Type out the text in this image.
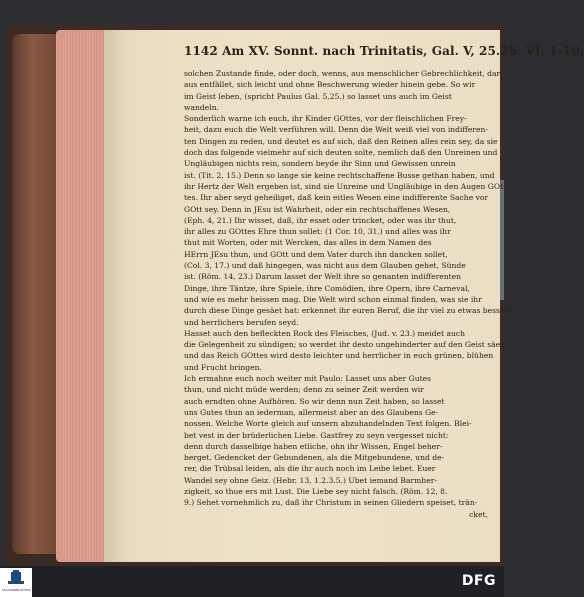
1142 Am XV. Sonnt. nach Trinitatis, Gal. V, 25.26. VI, 1-10.
solchen Zustande finde, oder doch, wenns, aus menschlicher Gebrechlichkeit, dar-
aus entfället, sich leicht und ohne Beschwerung wieder hinein gebe. So wir
im Geist leben, (spricht Paulus Gal. 5,25.) so lasset uns auch im Geist
wandeln.
Sonderlich warne ich euch, ihr Kinder GOttes, vor der fleischlichen Frey-
heit, dazu euch die Welt verführen will. Denn die Welt weiß viel von indifferen-
ten Dingen zu reden, und deutet es auf sich, daß den Reinen alles rein sey, da sie
doch das folgende vielmehr auf sich deuten solte, nemlich daß den Unreinen und
Ungläubigen nichts rein, sondern beyde ihr Sinn und Gewissen unrein
ist. (Tit. 2, 15.) Denn so lange sie keine rechtschaffene Busse gethan haben, und
ihr Hertz der Welt ergeben ist, sind sie Unreine und Ungläubige in den Augen GOt-
tes. Ihr aber seyd geheiliget, daß kein eitles Wesen eine indifferente Sache vor
GOtt sey. Denn in JEsu ist Wahrheit, oder ein rechtschaffenes Wesen,
(Eph. 4, 21.) Ihr wisset, daß, ihr esset oder trincket, oder was ihr thut,
ihr alles zu GOttes Ehre thun sollet: (1 Cor. 10, 31.) und alles was ihr
thut mit Worten, oder mit Wercken, das alles in dem Namen des
HErrn JEsu thun, und GOtt und dem Vater durch ihn dancken sollet,
(Col. 3, 17.) und daß hingegen, was nicht aus dem Glauben gehet, Sünde
ist. (Röm. 14, 23.) Darum lasset der Welt ihre so genanten indifferenten
Dinge, ihre Täntze, ihre Spiele, ihre Comödien, ihre Opern, ihre Carneval,
und wie es mehr heissen mag. Die Welt wird schon einmal finden, was sie ihr
durch diese Dinge gesäet hat: erkennet ihr euren Beruf, die ihr viel zu etwas bessers
und herrlichers berufen seyd.
Hasset auch den befleckten Rock des Fleisches, (Jud. v. 23.) meidet auch
die Gelegenheit zu sündigen; so werdet ihr desto ungehinderter auf den Geist säen,
und das Reich GOttes wird desto leichter und herrlicher in euch grünen, blühen
und Frucht bringen.
Ich ermahne euch noch weiter mit Paulo: Lasset uns aber Gutes
thun, und nicht müde werden; denn zu seiner Zeit werden wir
auch erndten ohne Aufhören. So wir denn nun Zeit haben, so lasset
uns Gutes thun an iederman, allermeist aber an des Glaubens Ge-
nossen. Welche Worte gleich auf unsern abzuhandelnden Text folgen. Blei-
bet vest in der brüderlichen Liebe. Gastfrey zu seyn vergesset nicht:
denn durch dasselbige haben etliche, ohn ihr Wissen, Engel beher-
berget. Gedencket der Gebundenen, als die Mitgebundene, und de-
rer, die Trübsal leiden, als die ihr auch noch im Leibe lebet. Euer
Wandel sey ohne Geiz. (Hebr. 13, 1.2.3.5.) Ubet iemand Barmher-
zigkeit, so thue ers mit Lust. Die Liebe sey nicht falsch. (Röm. 12, 8.
9.) Sehet vornehmlich zu, daß ihr Christum in seinen Gliedern speiset, trän-
cket,
STAATSBIBLIOTHEK
DFG
